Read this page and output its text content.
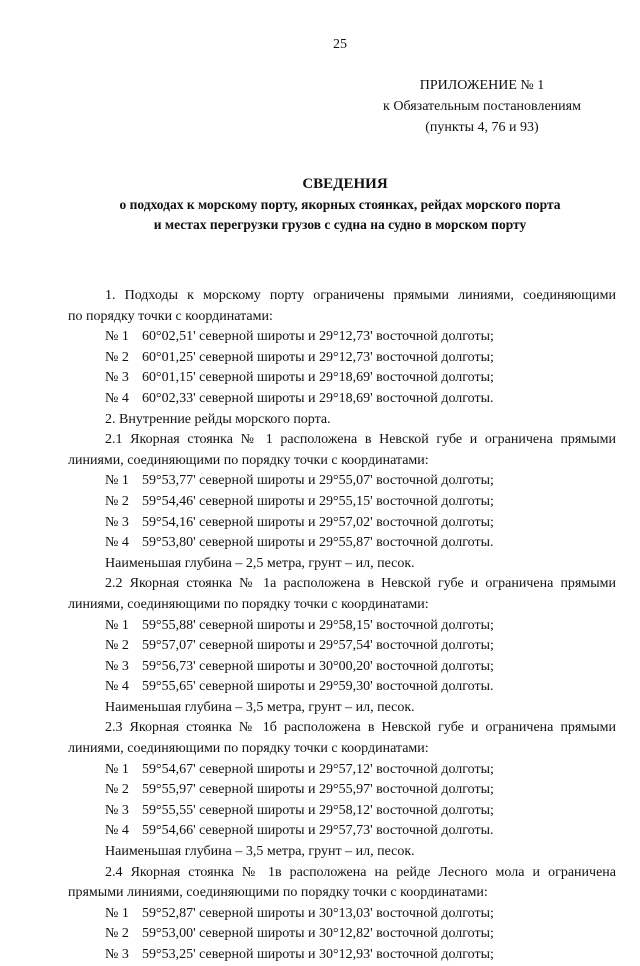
25
ПРИЛОЖЕНИЕ № 1
к Обязательным постановлениям
(пункты 4, 76 и 93)
СВЕДЕНИЯ
о подходах к морскому порту, якорных стоянках, рейдах морского порта
и местах перегрузки грузов с судна на судно в морском порту
1. Подходы к морскому порту ограничены прямыми линиями, соединяющими
по порядку точки с координатами:
№ 1 60°02,51' северной широты и 29°12,73' восточной долготы;
№ 2 60°01,25' северной широты и 29°12,73' восточной долготы;
№ 3 60°01,15' северной широты и 29°18,69' восточной долготы;
№ 4 60°02,33' северной широты и 29°18,69' восточной долготы.
2. Внутренние рейды морского порта.
2.1 Якорная стоянка № 1 расположена в Невской губе и ограничена прямыми
линиями, соединяющими по порядку точки с координатами:
№ 1 59°53,77' северной широты и 29°55,07' восточной долготы;
№ 2 59°54,46' северной широты и 29°55,15' восточной долготы;
№ 3 59°54,16' северной широты и 29°57,02' восточной долготы;
№ 4 59°53,80' северной широты и 29°55,87' восточной долготы.
Наименьшая глубина – 2,5 метра, грунт – ил, песок.
2.2 Якорная стоянка № 1а расположена в Невской губе и ограничена прямыми
линиями, соединяющими по порядку точки с координатами:
№ 1 59°55,88' северной широты и 29°58,15' восточной долготы;
№ 2 59°57,07' северной широты и 29°57,54' восточной долготы;
№ 3 59°56,73' северной широты и 30°00,20' восточной долготы;
№ 4 59°55,65' северной широты и 29°59,30' восточной долготы.
Наименьшая глубина – 3,5 метра, грунт – ил, песок.
2.3 Якорная стоянка № 1б расположена в Невской губе и ограничена прямыми
линиями, соединяющими по порядку точки с координатами:
№ 1 59°54,67' северной широты и 29°57,12' восточной долготы;
№ 2 59°55,97' северной широты и 29°55,97' восточной долготы;
№ 3 59°55,55' северной широты и 29°58,12' восточной долготы;
№ 4 59°54,66' северной широты и 29°57,73' восточной долготы.
Наименьшая глубина – 3,5 метра, грунт – ил, песок.
2.4 Якорная стоянка № 1в расположена на рейде Лесного мола и ограничена
прямыми линиями, соединяющими по порядку точки с координатами:
№ 1 59°52,87' северной широты и 30°13,03' восточной долготы;
№ 2 59°53,00' северной широты и 30°12,82' восточной долготы;
№ 3 59°53,25' северной широты и 30°12,93' восточной долготы;
